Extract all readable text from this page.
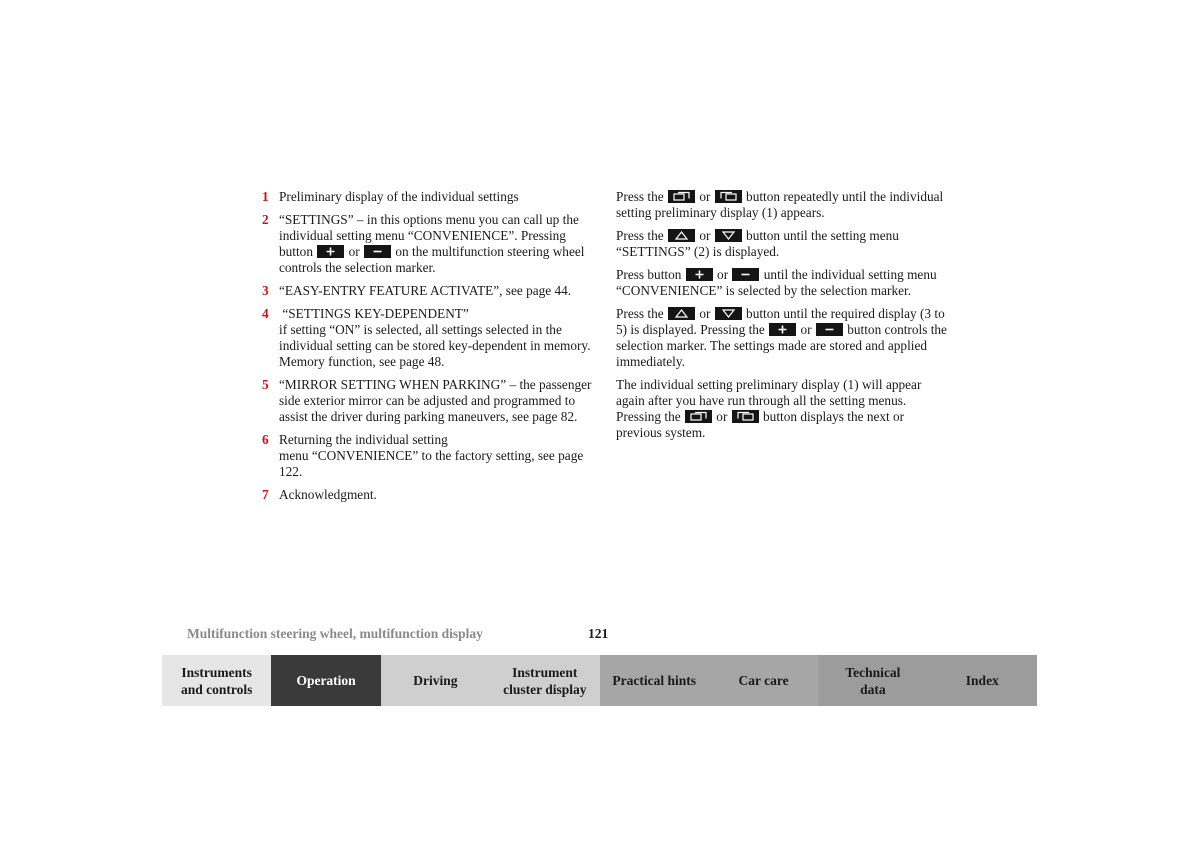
1 Preliminary display of the individual settings
2 “SETTINGS” – in this options menu you can call up the individual setting menu “CONVENIENCE”. Pressing button	or	on the multifunction steering wheel controls the selection marker.
3 “EASY-ENTRY FEATURE ACTIVATE”, see page 44.
4 “SETTINGS KEY-DEPENDENT”
if setting “ON” is selected, all settings selected in the individual setting can be stored key-dependent in memory. Memory function, see page 48.
5 “MIRROR SETTING WHEN PARKING” – the passenger side exterior mirror can be adjusted and programmed to assist the driver during parking maneuvers, see page 82.
6 Returning the individual setting
menu “CONVENIENCE” to the factory setting, see page 122.
7 Acknowledgment.

Press the	or	button repeatedly until the individual setting preliminary display (1) appears.

Press the	or	button until the setting menu “SETTINGS” (2) is displayed.

Press button	or	until the individual setting menu “CONVENIENCE” is selected by the selection marker.

Press the	or	button until the required display (3 to 5) is displayed. Pressing the	or	button controls the selection marker. The settings made are stored and applied immediately.

The individual setting preliminary display (1) will appear again after you have run through all the setting menus. Pressing the	or	button displays the next or previous system.

Multifunction steering wheel, multifunction display	121
Instruments
and controls
Operation	Driving
Instrument
cluster display
Practical hints	Car care
Technical
data
Index
